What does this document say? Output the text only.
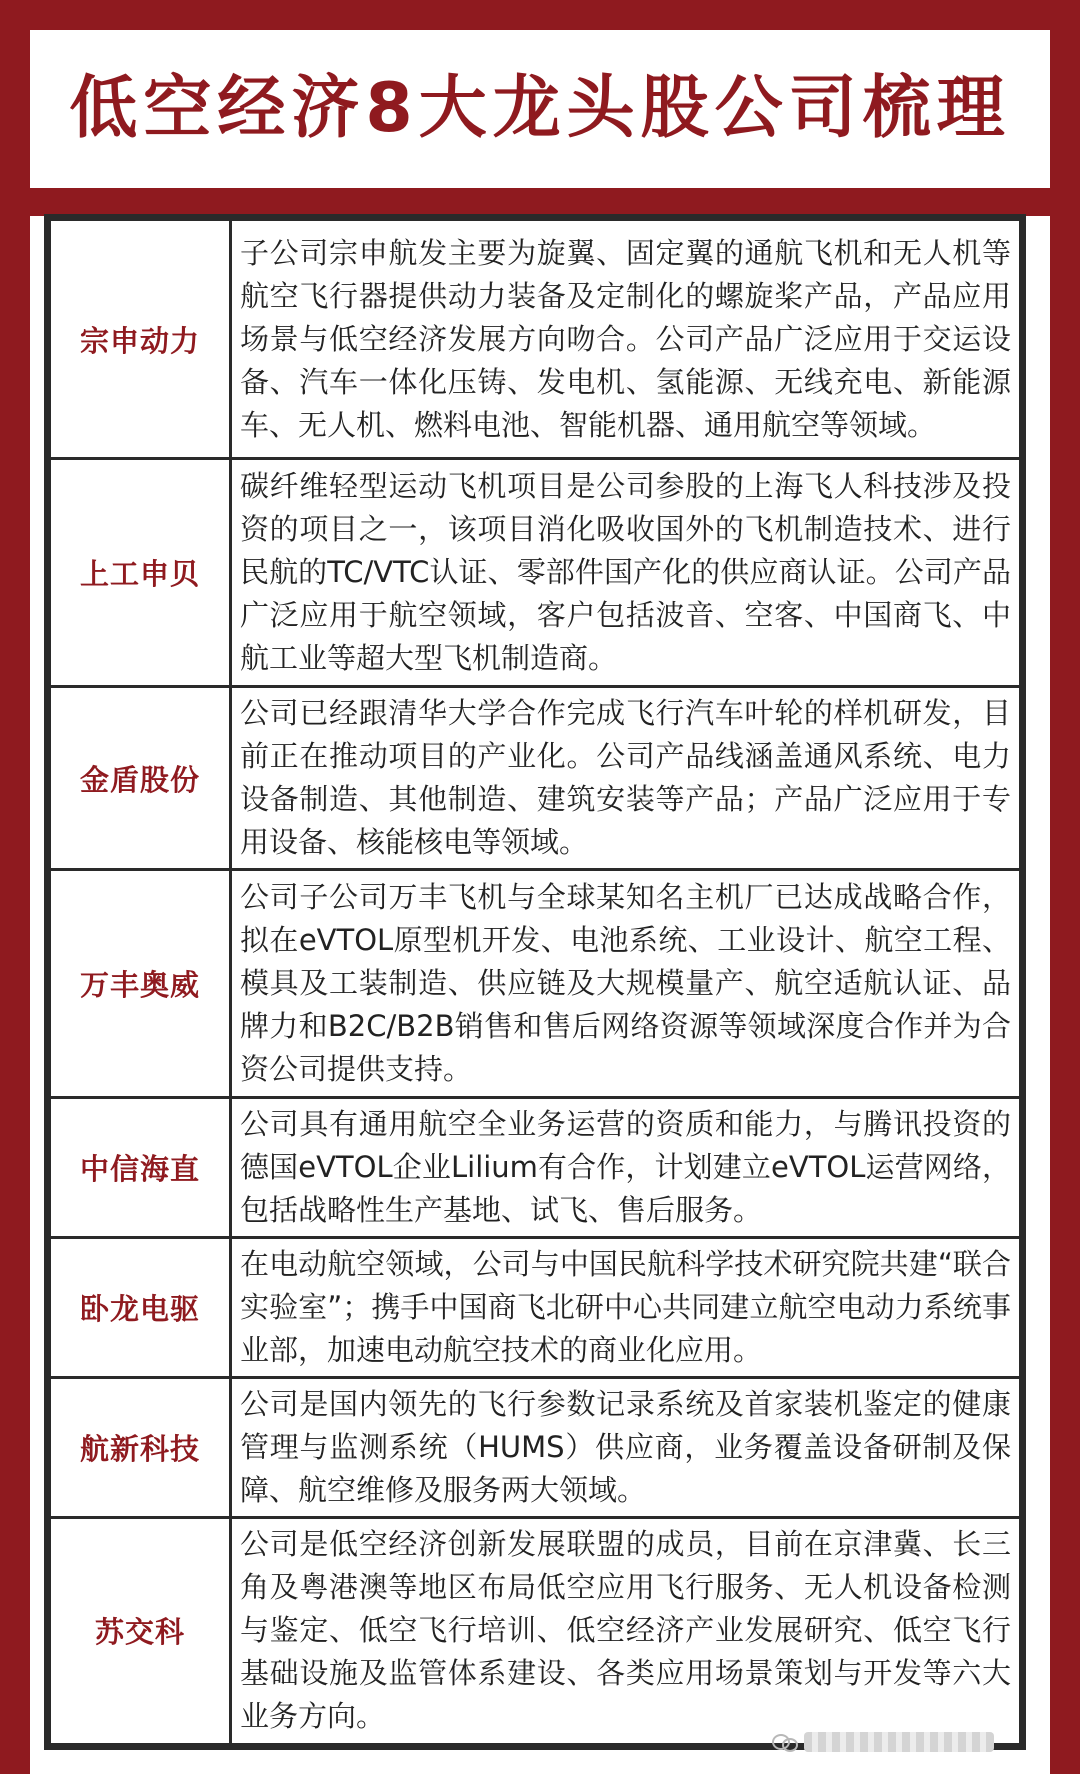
低空经济8大龙头股公司梳理
宗申动力	子公司宗申航发主要为旋翼、固定翼的通航飞机和无人机等航空飞行器提供动力装备及定制化的螺旋桨产品，产品应用场景与低空经济发展方向吻合。公司产品广泛应用于交运设备、汽车一体化压铸、发电机、氢能源、无线充电、新能源车、无人机、燃料电池、智能机器、通用航空等领域。
上工申贝	碳纤维轻型运动飞机项目是公司参股的上海飞人科技涉及投资的项目之一，该项目消化吸收国外的飞机制造技术、进行民航的TC/VTC认证、零部件国产化的供应商认证。公司产品广泛应用于航空领域，客户包括波音、空客、中国商飞、中航工业等超大型飞机制造商。
金盾股份	公司已经跟清华大学合作完成飞行汽车叶轮的样机研发，目前正在推动项目的产业化。公司产品线涵盖通风系统、电力设备制造、其他制造、建筑安装等产品；产品广泛应用于专用设备、核能核电等领域。
万丰奥威	公司子公司万丰飞机与全球某知名主机厂已达成战略合作，拟在eVTOL原型机开发、电池系统、工业设计、航空工程、模具及工装制造、供应链及大规模量产、航空适航认证、品牌力和B2C/B2B销售和售后网络资源等领域深度合作并为合资公司提供支持。
中信海直	公司具有通用航空全业务运营的资质和能力，与腾讯投资的德国eVTOL企业Lilium有合作，计划建立eVTOL运营网络，包括战略性生产基地、试飞、售后服务。
卧龙电驱	在电动航空领域，公司与中国民航科学技术研究院共建“联合实验室”；携手中国商飞北研中心共同建立航空电动力系统事业部，加速电动航空技术的商业化应用。
航新科技	公司是国内领先的飞行参数记录系统及首家装机鉴定的健康管理与监测系统（HUMS）供应商，业务覆盖设备研制及保障、航空维修及服务两大领域。
苏交科	公司是低空经济创新发展联盟的成员，目前在京津冀、长三角及粤港澳等地区布局低空应用飞行服务、无人机设备检测与鉴定、低空飞行培训、低空经济产业发展研究、低空飞行基础设施及监管体系建设、各类应用场景策划与开发等六大业务方向。
